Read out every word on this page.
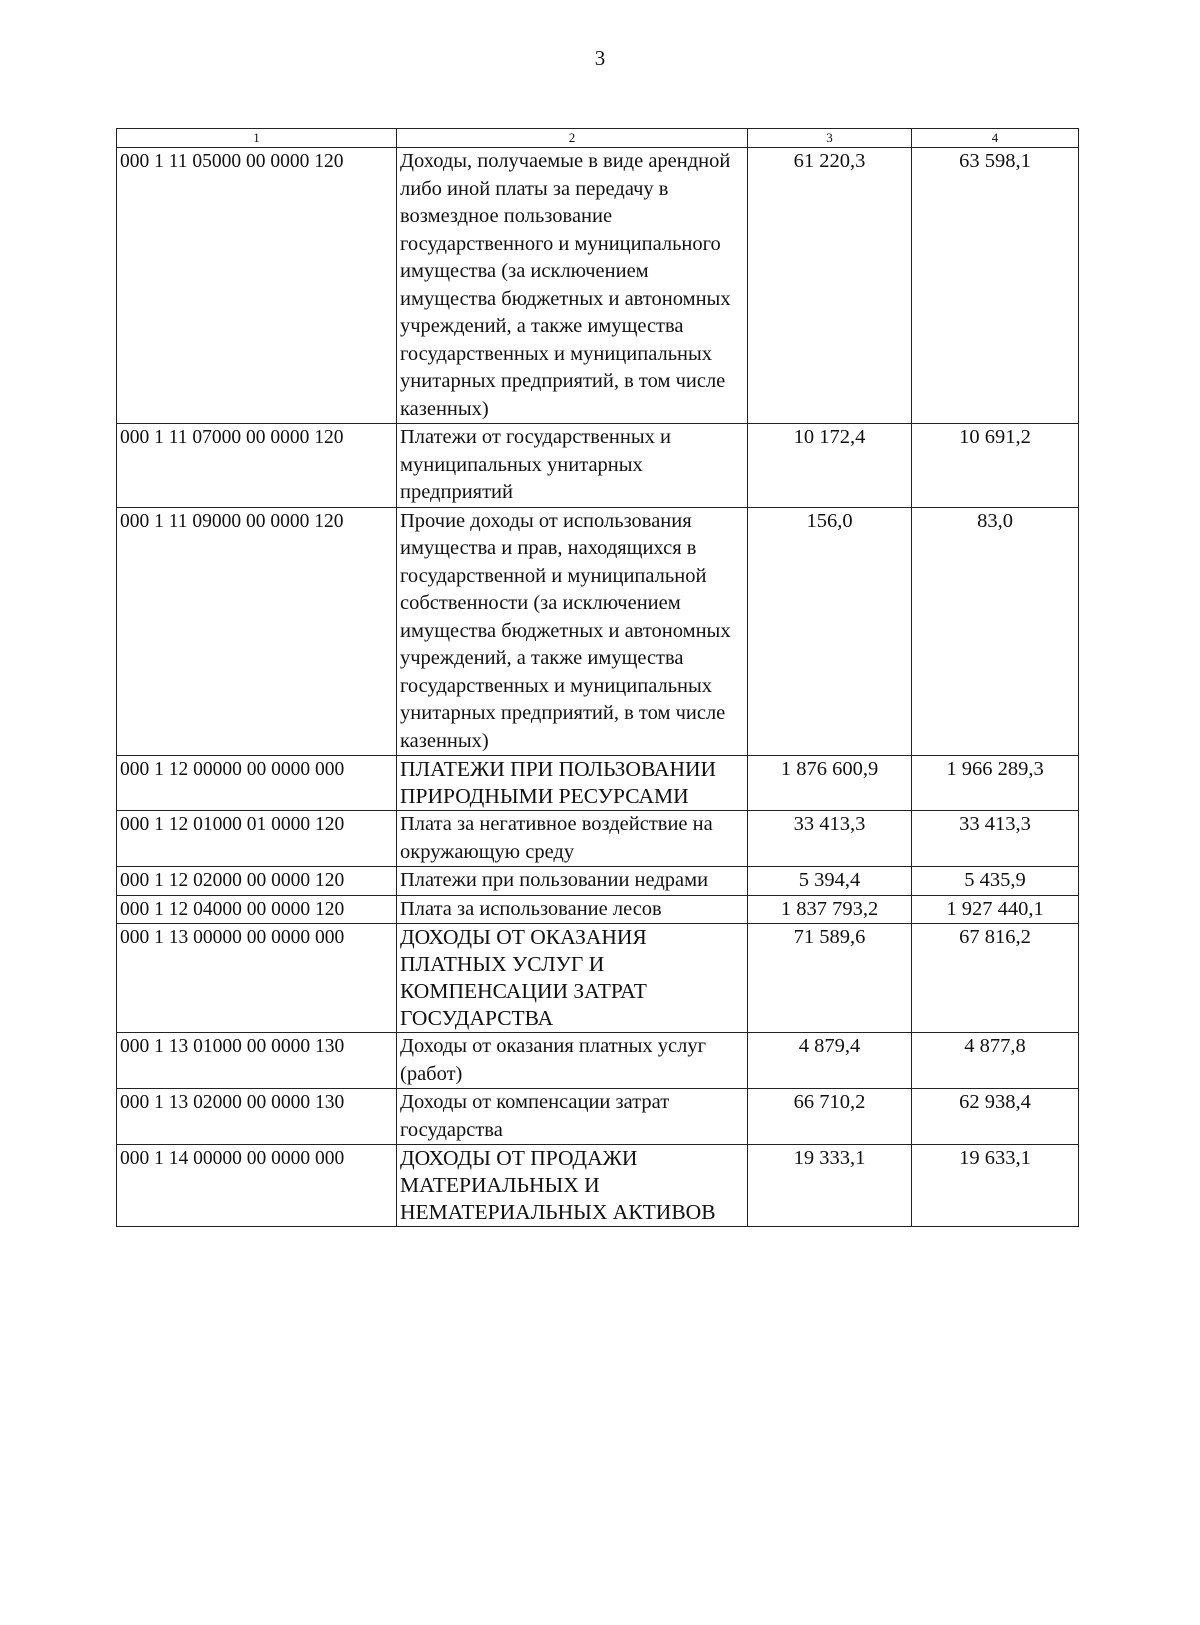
3
1	2	3	4
000 1 11 05000 00 0000 120	Доходы, получаемые в виде арендной либо иной платы за передачу в возмездное пользование государственного и муниципального имущества (за исключением имущества бюджетных и автономных учреждений, а также имущества государственных и муниципальных унитарных предприятий, в том числе казенных)	61 220,3	63 598,1
000 1 11 07000 00 0000 120	Платежи от государственных и муниципальных унитарных предприятий	10 172,4	10 691,2
000 1 11 09000 00 0000 120	Прочие доходы от использования имущества и прав, находящихся в государственной и муниципальной собственности (за исключением имущества бюджетных и автономных учреждений, а также имущества государственных и муниципальных унитарных предприятий, в том числе казенных)	156,0	83,0
000 1 12 00000 00 0000 000	ПЛАТЕЖИ ПРИ ПОЛЬЗОВАНИИ ПРИРОДНЫМИ РЕСУРСАМИ	1 876 600,9	1 966 289,3
000 1 12 01000 01 0000 120	Плата за негативное воздействие на окружающую среду	33 413,3	33 413,3
000 1 12 02000 00 0000 120	Платежи при пользовании недрами	5 394,4	5 435,9
000 1 12 04000 00 0000 120	Плата за использование лесов	1 837 793,2	1 927 440,1
000 1 13 00000 00 0000 000	ДОХОДЫ ОТ ОКАЗАНИЯ ПЛАТНЫХ УСЛУГ И КОМПЕНСАЦИИ ЗАТРАТ ГОСУДАРСТВА	71 589,6	67 816,2
000 1 13 01000 00 0000 130	Доходы от оказания платных услуг (работ)	4 879,4	4 877,8
000 1 13 02000 00 0000 130	Доходы от компенсации затрат государства	66 710,2	62 938,4
000 1 14 00000 00 0000 000	ДОХОДЫ ОТ ПРОДАЖИ МАТЕРИАЛЬНЫХ И НЕМАТЕРИАЛЬНЫХ АКТИВОВ	19 333,1	19 633,1
